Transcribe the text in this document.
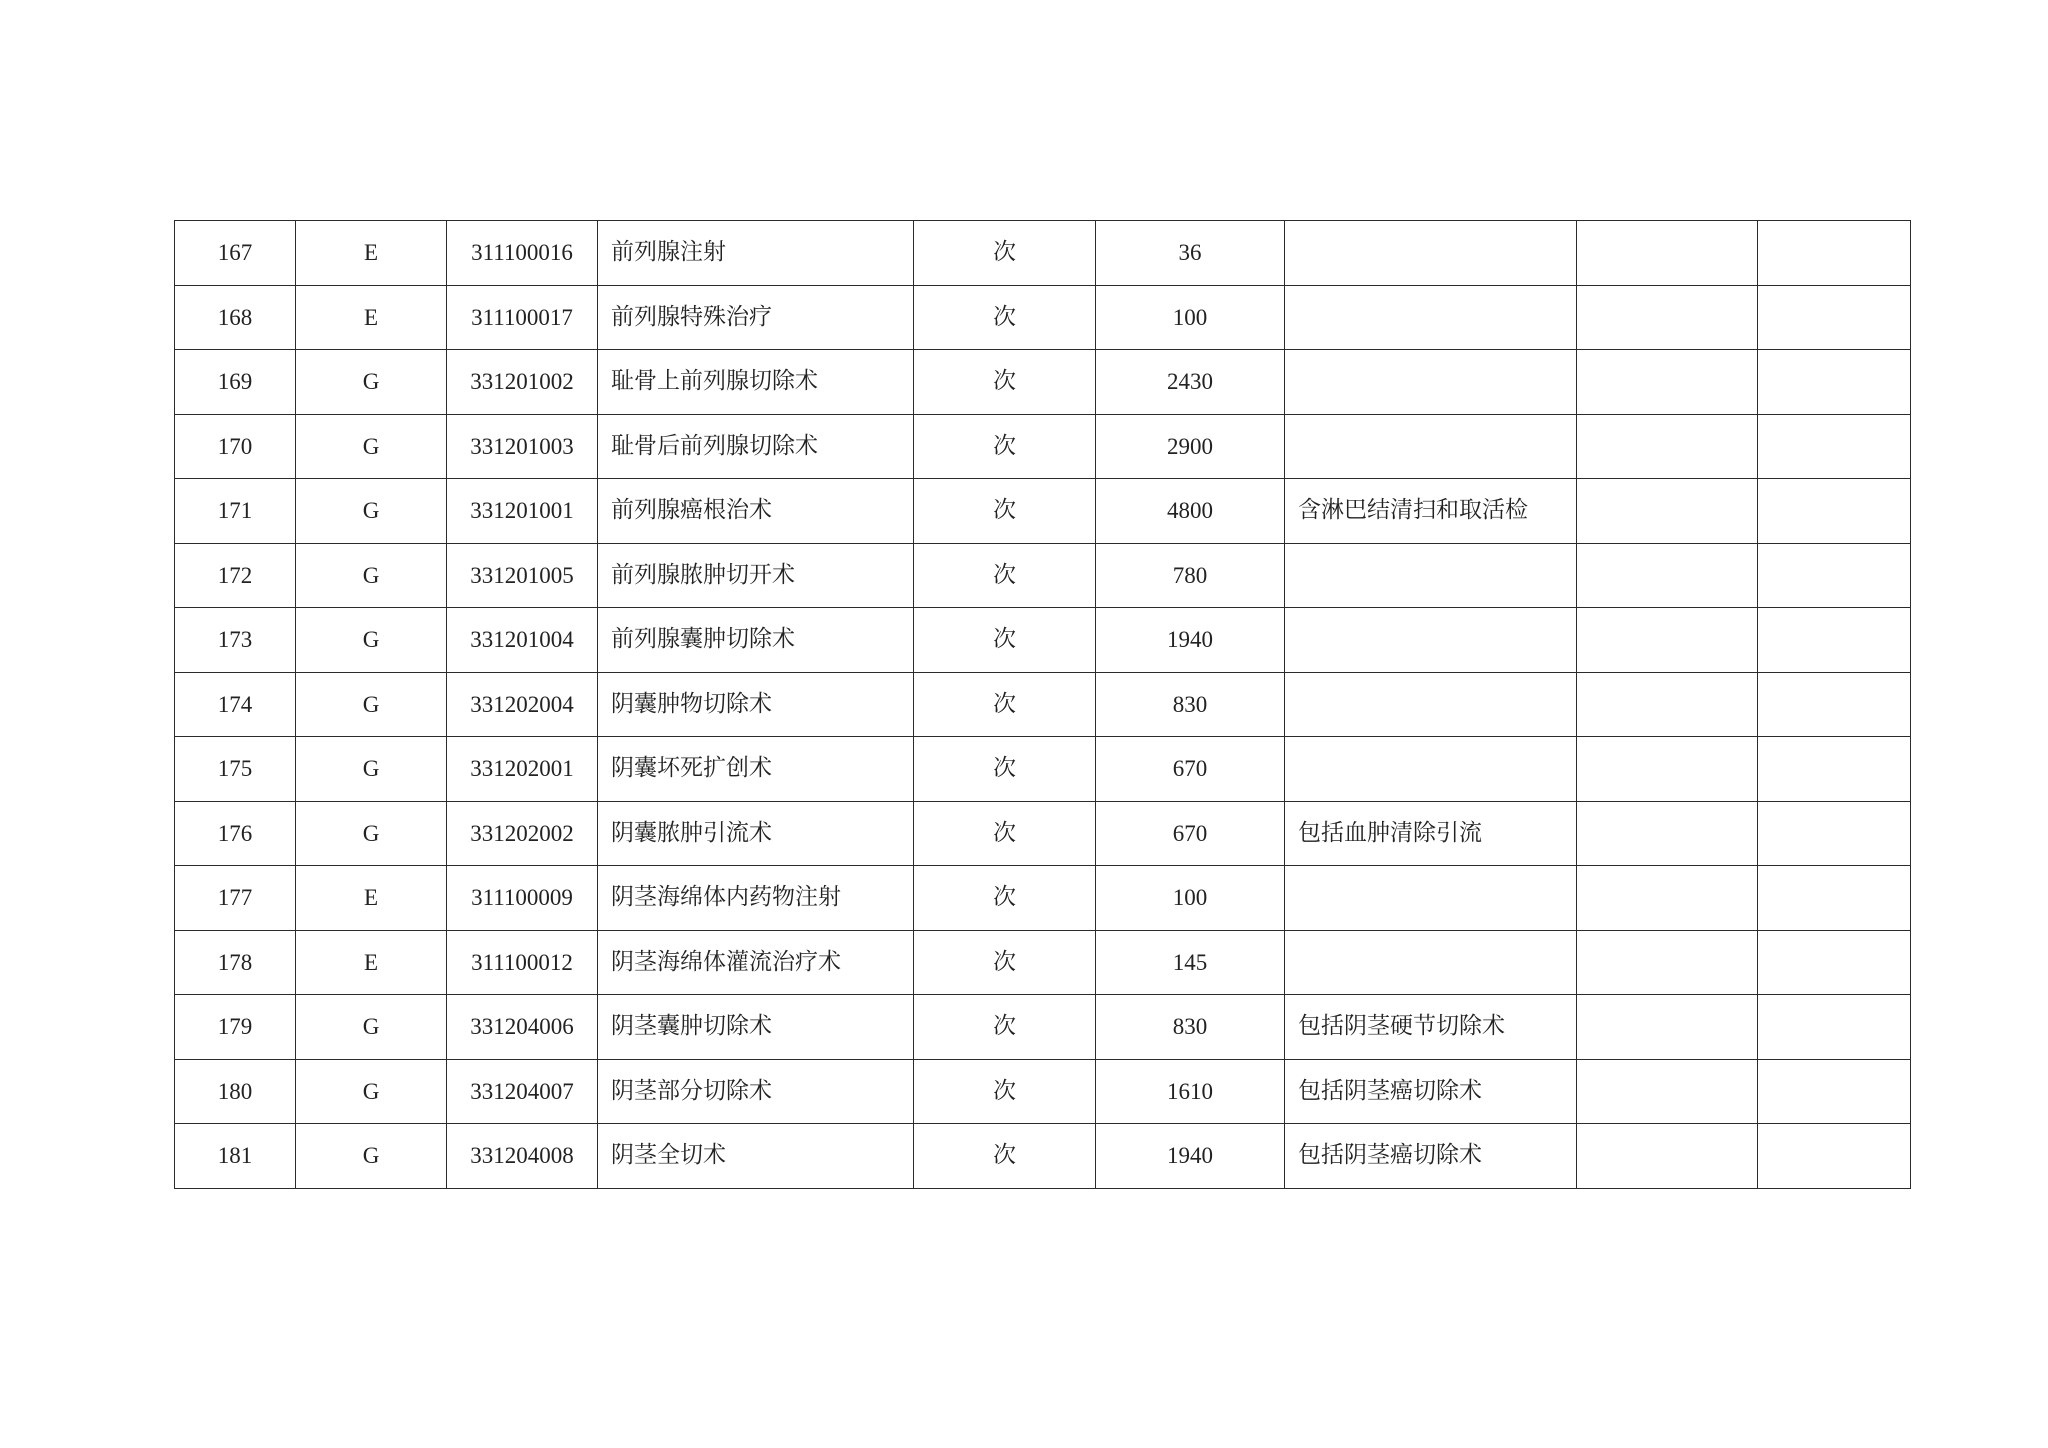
167	E	311100016	前列腺注射	次	36			
168	E	311100017	前列腺特殊治疗	次	100			
169	G	331201002	耻骨上前列腺切除术	次	2430			
170	G	331201003	耻骨后前列腺切除术	次	2900			
171	G	331201001	前列腺癌根治术	次	4800	含淋巴结清扫和取活检		
172	G	331201005	前列腺脓肿切开术	次	780			
173	G	331201004	前列腺囊肿切除术	次	1940			
174	G	331202004	阴囊肿物切除术	次	830			
175	G	331202001	阴囊坏死扩创术	次	670			
176	G	331202002	阴囊脓肿引流术	次	670	包括血肿清除引流		
177	E	311100009	阴茎海绵体内药物注射	次	100			
178	E	311100012	阴茎海绵体灌流治疗术	次	145			
179	G	331204006	阴茎囊肿切除术	次	830	包括阴茎硬节切除术		
180	G	331204007	阴茎部分切除术	次	1610	包括阴茎癌切除术		
181	G	331204008	阴茎全切术	次	1940	包括阴茎癌切除术		
